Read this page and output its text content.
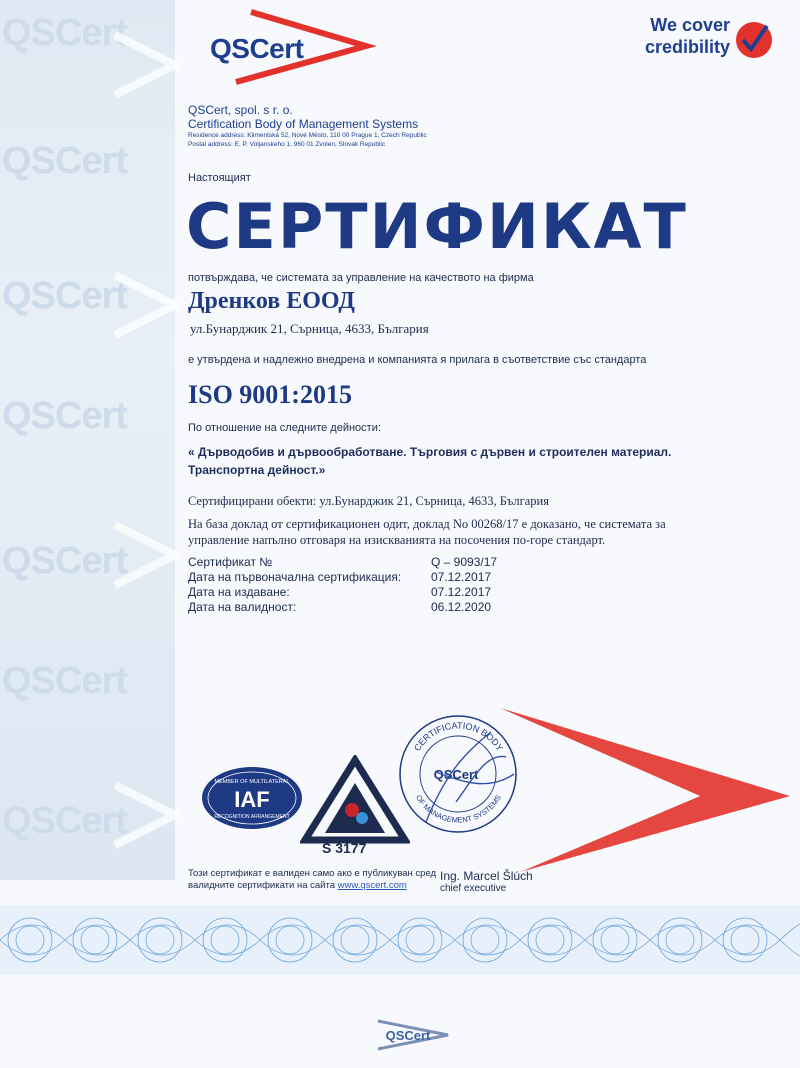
QSCert
QSCert
QSCert
QSCert
QSCert
QSCert
QSCert
QSCert
We cover
credibility
QSCert, spol. s r. o.
Certification Body of Management Systems
Residence address: Klimentská 52, Nové Město, 110 00 Prague 1, Czech Republic
Postal address: E. P. Voljanskeho 1, 960 01 Zvolen, Slovak Republic
Настоящият
СЕРТИФИКАТ
потвърждава, че системата за управление на качеството на фирма
Дренков ЕООД
ул.Бунарджик 21, Сърница, 4633, България
е утвърдена и надлежно внедрена и компанията я прилага в съответствие със стандарта
ISO 9001:2015
По отношение на следните дейности:
« Дърводобив и дървообработване. Търговия с дървен и строителен материал.
Транспортна дейност.»
Сертифицирани обекти: ул.Бунарджик 21, Сърница, 4633, България
На база доклад от сертификационен одит, доклад No 00268/17 е доказано, че системата за
управление напълно отговаря на изискванията на посочения по-горе стандарт.
Сертификат №	Q – 9093/17
Дата на първоначална сертификация: 07.12.2017
Дата на издаване:	07.12.2017
Дата на валидност:	06.12.2020
MEMBER OF MULTILATERAL
IAF
RECOGNITION ARRANGEMENT
S 3177
CERTIFICATION BODY
OF MANAGEMENT SYSTEMS
QSCert
Този сертификат е валиден само ако е публикуван сред
валидните сертификати на сайта www.qscert.com
Ing. Marcel Šlúch
chief executive
QSCert
